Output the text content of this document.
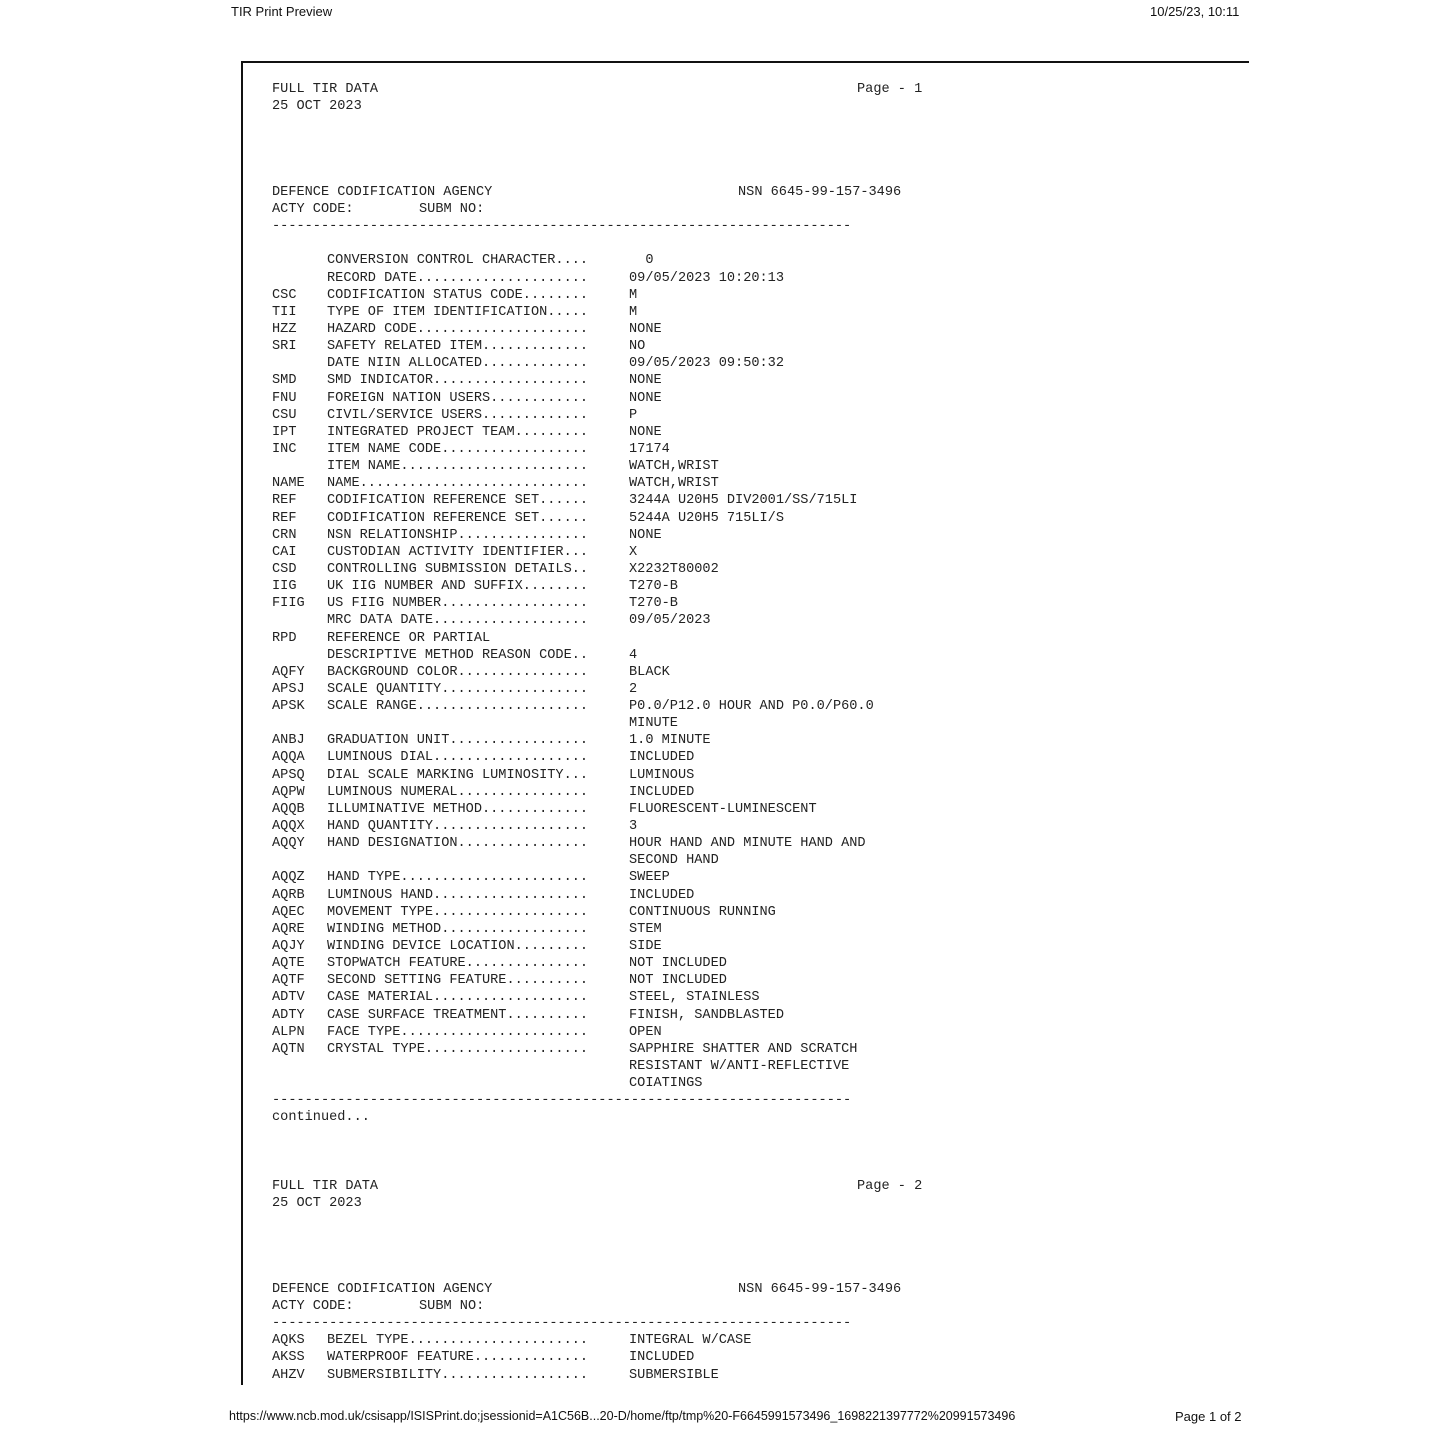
TIR Print Preview	10/25/23, 10:11
FULL TIR DATA	Page - 1
25 OCT 2023
DEFENCE CODIFICATION AGENCY	NSN 6645-99-157-3496
ACTY CODE:	SUBM NO:
-----------------------------------------------------------------------
CONVERSION CONTROL CHARACTER....	0
RECORD DATE.....................	09/05/2023 10:20:13
CSC CODIFICATION STATUS CODE........	M
TII TYPE OF ITEM IDENTIFICATION.....	M
HZZ HAZARD CODE.....................	NONE
SRI SAFETY RELATED ITEM.............	NO
DATE NIIN ALLOCATED.............	09/05/2023 09:50:32
SMD SMD INDICATOR...................	NONE
FNU FOREIGN NATION USERS............	NONE
CSU CIVIL/SERVICE USERS.............	P
IPT INTEGRATED PROJECT TEAM.........	NONE
INC ITEM NAME CODE..................	17174
ITEM NAME.......................	WATCH,WRIST
NAME NAME............................	WATCH,WRIST
REF CODIFICATION REFERENCE SET......	3244A U20H5 DIV2001/SS/715LI
REF CODIFICATION REFERENCE SET......	5244A U20H5 715LI/S
CRN NSN RELATIONSHIP................	NONE
CAI CUSTODIAN ACTIVITY IDENTIFIER...	X
CSD CONTROLLING SUBMISSION DETAILS..	X2232T80002
IIG UK IIG NUMBER AND SUFFIX........	T270-B
FIIG US FIIG NUMBER..................	T270-B
MRC DATA DATE...................	09/05/2023
RPD REFERENCE OR PARTIAL
DESCRIPTIVE METHOD REASON CODE..	4
AQFY BACKGROUND COLOR................	BLACK
APSJ SCALE QUANTITY..................	2
APSK SCALE RANGE.....................	P0.0/P12.0 HOUR AND P0.0/P60.0
MINUTE
ANBJ GRADUATION UNIT.................	1.0 MINUTE
AQQA LUMINOUS DIAL...................	INCLUDED
APSQ DIAL SCALE MARKING LUMINOSITY...	LUMINOUS
AQPW LUMINOUS NUMERAL................	INCLUDED
AQQB ILLUMINATIVE METHOD.............	FLUORESCENT-LUMINESCENT
AQQX HAND QUANTITY...................	3
AQQY HAND DESIGNATION................	HOUR HAND AND MINUTE HAND AND
SECOND HAND
AQQZ HAND TYPE.......................	SWEEP
AQRB LUMINOUS HAND...................	INCLUDED
AQEC MOVEMENT TYPE...................	CONTINUOUS RUNNING
AQRE WINDING METHOD..................	STEM
AQJY WINDING DEVICE LOCATION.........	SIDE
AQTE STOPWATCH FEATURE...............	NOT INCLUDED
AQTF SECOND SETTING FEATURE..........	NOT INCLUDED
ADTV CASE MATERIAL...................	STEEL, STAINLESS
ADTY CASE SURFACE TREATMENT..........	FINISH, SANDBLASTED
ALPN FACE TYPE.......................	OPEN
AQTN CRYSTAL TYPE....................	SAPPHIRE SHATTER AND SCRATCH
RESISTANT W/ANTI-REFLECTIVE
COIATINGS
-----------------------------------------------------------------------
continued...
FULL TIR DATA	Page - 2
25 OCT 2023
DEFENCE CODIFICATION AGENCY	NSN 6645-99-157-3496
ACTY CODE:	SUBM NO:
-----------------------------------------------------------------------
AQKS BEZEL TYPE......................	INTEGRAL W/CASE
AKSS WATERPROOF FEATURE..............	INCLUDED
AHZV SUBMERSIBILITY..................	SUBMERSIBLE
https://www.ncb.mod.uk/csisapp/ISISPrint.do;jsessionid=A1C56B...20-D/home/ftp/tmp%20-F6645991573496_1698221397772%20991573496	Page 1 of 2
